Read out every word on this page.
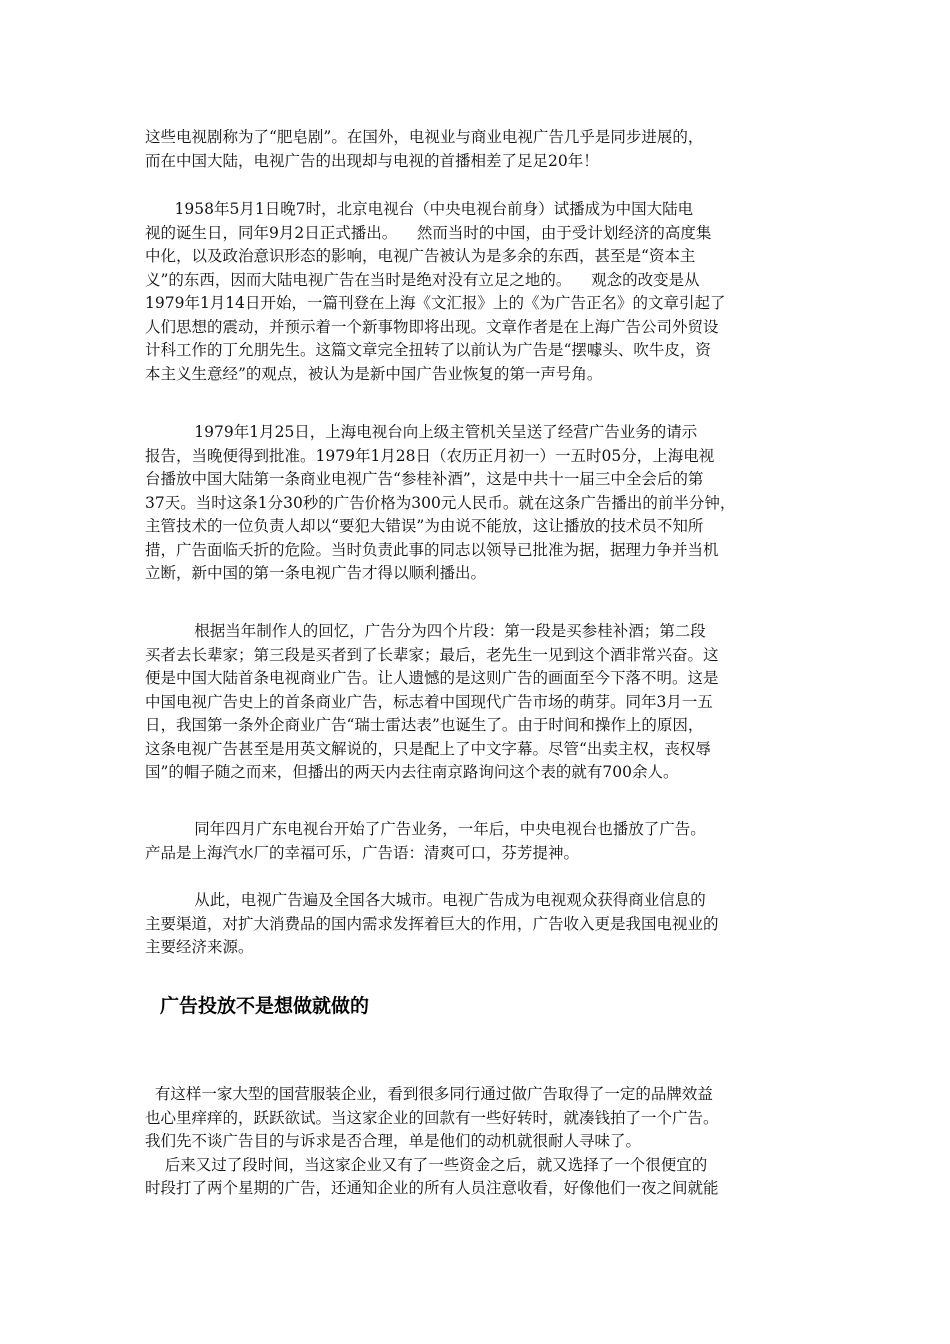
这些电视剧称为了“肥皂剧”。在国外，电视业与商业电视广告几乎是同步进展的，
而在中国大陆，电视广告的出现却与电视的首播相差了足足20年！
1958年5月1日晚7时，北京电视台（中央电视台前身）试播成为中国大陆电
视的诞生日，同年9月2日正式播出。    然而当时的中国，由于受计划经济的高度集
中化，以及政治意识形态的影响，电视广告被认为是多余的东西，甚至是“资本主
义”的东西，因而大陆电视广告在当时是绝对没有立足之地的。    观念的改变是从
1979年1月14日开始，一篇刊登在上海《文汇报》上的《为广告正名》的文章引起了
人们思想的震动，并预示着一个新事物即将出现。文章作者是在上海广告公司外贸设
计科工作的丁允朋先生。这篇文章完全扭转了以前认为广告是“摆噱头、吹牛皮，资
本主义生意经”的观点，被认为是新中国广告业恢复的第一声号角。
1979年1月25日，上海电视台向上级主管机关呈送了经营广告业务的请示
报告，当晚便得到批准。1979年1月28日（农历正月初一）一五时05分，上海电视
台播放中国大陆第一条商业电视广告“参桂补酒”，这是中共十一届三中全会后的第
37天。当时这条1分30秒的广告价格为300元人民币。就在这条广告播出的前半分钟，
主管技术的一位负责人却以“要犯大错误”为由说不能放，这让播放的技术员不知所
措，广告面临夭折的危险。当时负责此事的同志以领导已批准为据，据理力争并当机
立断，新中国的第一条电视广告才得以顺利播出。
根据当年制作人的回忆，广告分为四个片段：第一段是买参桂补酒；第二段
买者去长辈家；第三段是买者到了长辈家；最后，老先生一见到这个酒非常兴奋。这
便是中国大陆首条电视商业广告。让人遗憾的是这则广告的画面至今下落不明。这是
中国电视广告史上的首条商业广告，标志着中国现代广告市场的萌芽。同年3月一五
日，我国第一条外企商业广告“瑞士雷达表”也诞生了。由于时间和操作上的原因，
这条电视广告甚至是用英文解说的，只是配上了中文字幕。尽管“出卖主权，丧权辱
国”的帽子随之而来，但播出的两天内去往南京路询问这个表的就有700余人。
同年四月广东电视台开始了广告业务，一年后，中央电视台也播放了广告。
产品是上海汽水厂的幸福可乐，广告语：清爽可口，芬芳提神。
从此，电视广告遍及全国各大城市。电视广告成为电视观众获得商业信息的
主要渠道，对扩大消费品的国内需求发挥着巨大的作用，广告收入更是我国电视业的
主要经济来源。
广告投放不是想做就做的
有这样一家大型的国营服装企业，看到很多同行通过做广告取得了一定的品牌效益
也心里痒痒的，跃跃欲试。当这家企业的回款有一些好转时，就凑钱拍了一个广告。
我们先不谈广告目的与诉求是否合理，单是他们的动机就很耐人寻味了。
后来又过了段时间，当这家企业又有了一些资金之后，就又选择了一个很便宜的
时段打了两个星期的广告，还通知企业的所有人员注意收看，好像他们一夜之间就能
